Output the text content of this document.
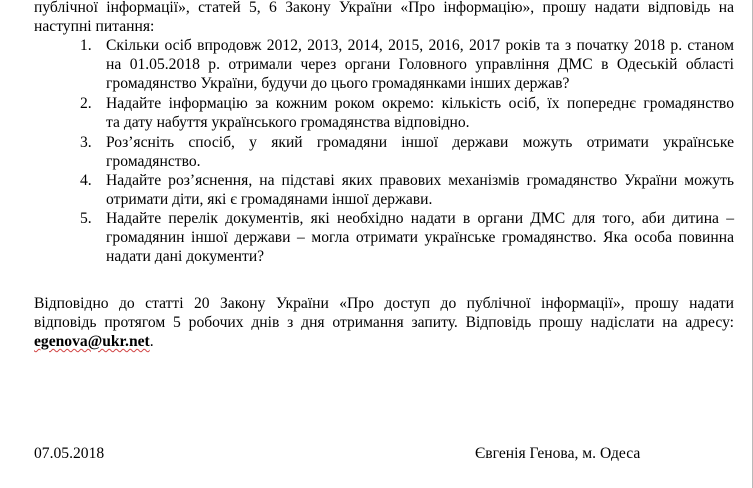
публічної інформації», статей 5, 6 Закону України «Про інформацію», прошу надати відповідь на
наступні питання:
1. Скільки осіб впродовж 2012, 2013, 2014, 2015, 2016, 2017 років та з початку 2018 р. станом
на 01.05.2018 р. отримали через органи Головного управління ДМС в Одеській області
громадянство України, будучи до цього громадянками інших держав?
2. Надайте інформацію за кожним роком окремо: кількість осіб, їх попереднє громадянство
та дату набуття українського громадянства відповідно.
3. Роз’ясніть спосіб, у який громадяни іншої держави можуть отримати українське
громадянство.
4. Надайте роз’яснення, на підставі яких правових механізмів громадянство України можуть
отримати діти, які є громадянами іншої держави.
5. Надайте перелік документів, які необхідно надати в органи ДМС для того, аби дитина –
громадянин іншої держави – могла отримати українське громадянство. Яка особа повинна
надати дані документи?
Відповідно до статті 20 Закону України «Про доступ до публічної інформації», прошу надати
відповідь протягом 5 робочих днів з дня отримання запиту. Відповідь прошу надіслати на адресу:
egenova@ukr.net.
07.05.2018	Євгенія Генова, м. Одеса
